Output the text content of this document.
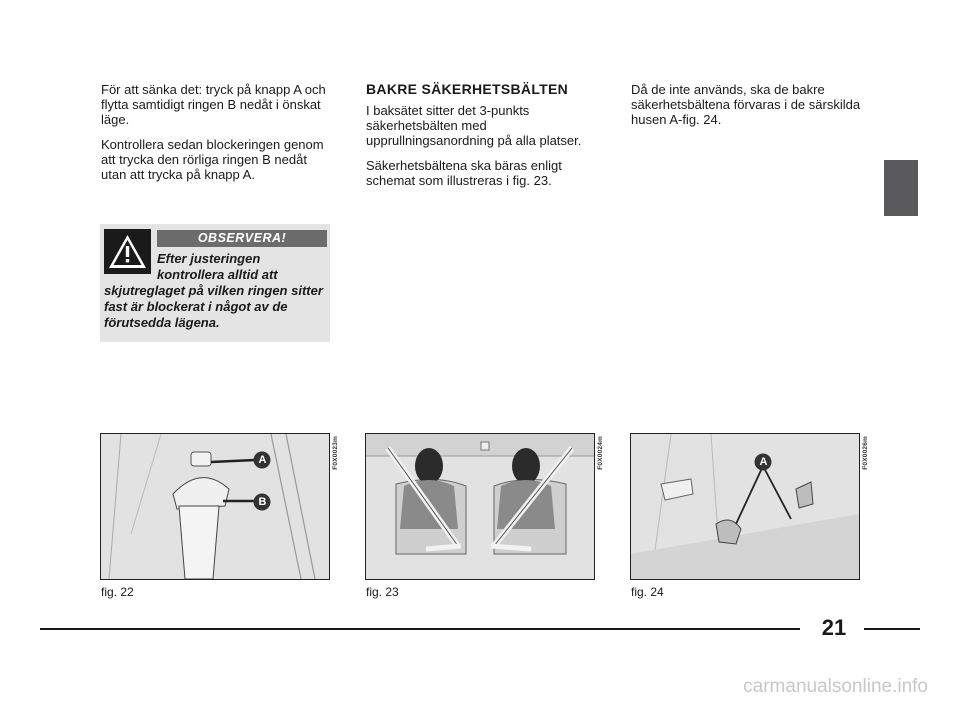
För att sänka det: tryck på knapp A och flytta samtidigt ringen B nedåt i önskat läge.

Kontrollera sedan blockeringen genom att trycka den rörliga ringen B nedåt utan att trycka på knapp A.

OBSERVERA!
Efter justeringen kontrollera alltid att skjutreglaget på vilken ringen sitter fast är blockerat i något av de förutsedda lägena.

BAKRE SÄKERHETSBÄLTEN

I baksätet sitter det 3-punkts säkerhetsbälten med upprullningsanordning på alla platser.

Säkerhetsbältena ska bäras enligt schemat som illustreras i fig. 23.

Då de inte används, ska de bakre säkerhetsbältena förvaras i de särskilda husen A-fig. 24.

A
B
F0X0023m
fig. 22
F0X0024m
fig. 23
A	F0X0026m
fig. 24
21
carmanualsonline.info
